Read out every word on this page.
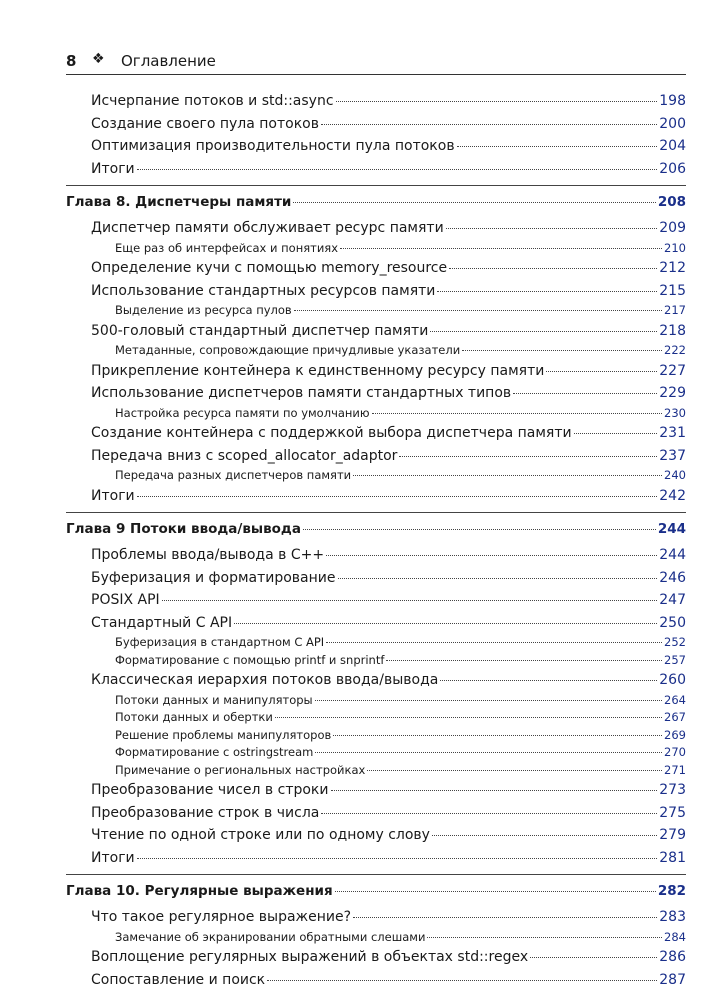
8 ❖ Оглавление
Исчерпание потоков и std::async	198
Создание своего пула потоков	200
Оптимизация производительности пула потоков	204
Итоги	206
Глава 8. Диспетчеры памяти	208
Диспетчер памяти обслуживает ресурс памяти	209
Еще раз об интерфейсах и понятиях	210
Определение кучи с помощью memory_resource	212
Использование стандартных ресурсов памяти	215
Выделение из ресурса пулов	217
500-головый стандартный диспетчер памяти	218
Метаданные, сопровождающие причудливые указатели	222
Прикрепление контейнера к единственному ресурсу памяти	227
Использование диспетчеров памяти стандартных типов	229
Настройка ресурса памяти по умолчанию	230
Создание контейнера с поддержкой выбора диспетчера памяти	231
Передача вниз с scoped_allocator_adaptor	237
Передача разных диспетчеров памяти	240
Итоги	242
Глава 9 Потоки ввода/вывода	244
Проблемы ввода/вывода в C++	244
Буферизация и форматирование	246
POSIX API	247
Стандартный C API	250
Буферизация в стандартном C API	252
Форматирование с помощью printf и snprintf	257
Классическая иерархия потоков ввода/вывода	260
Потоки данных и манипуляторы	264
Потоки данных и обертки	267
Решение проблемы манипуляторов	269
Форматирование с ostringstream	270
Примечание о региональных настройках	271
Преобразование чисел в строки	273
Преобразование строк в числа	275
Чтение по одной строке или по одному слову	279
Итоги	281
Глава 10. Регулярные выражения	282
Что такое регулярное выражение?	283
Замечание об экранировании обратными слешами	284
Воплощение регулярных выражений в объектах std::regex	286
Сопоставление и поиск	287
